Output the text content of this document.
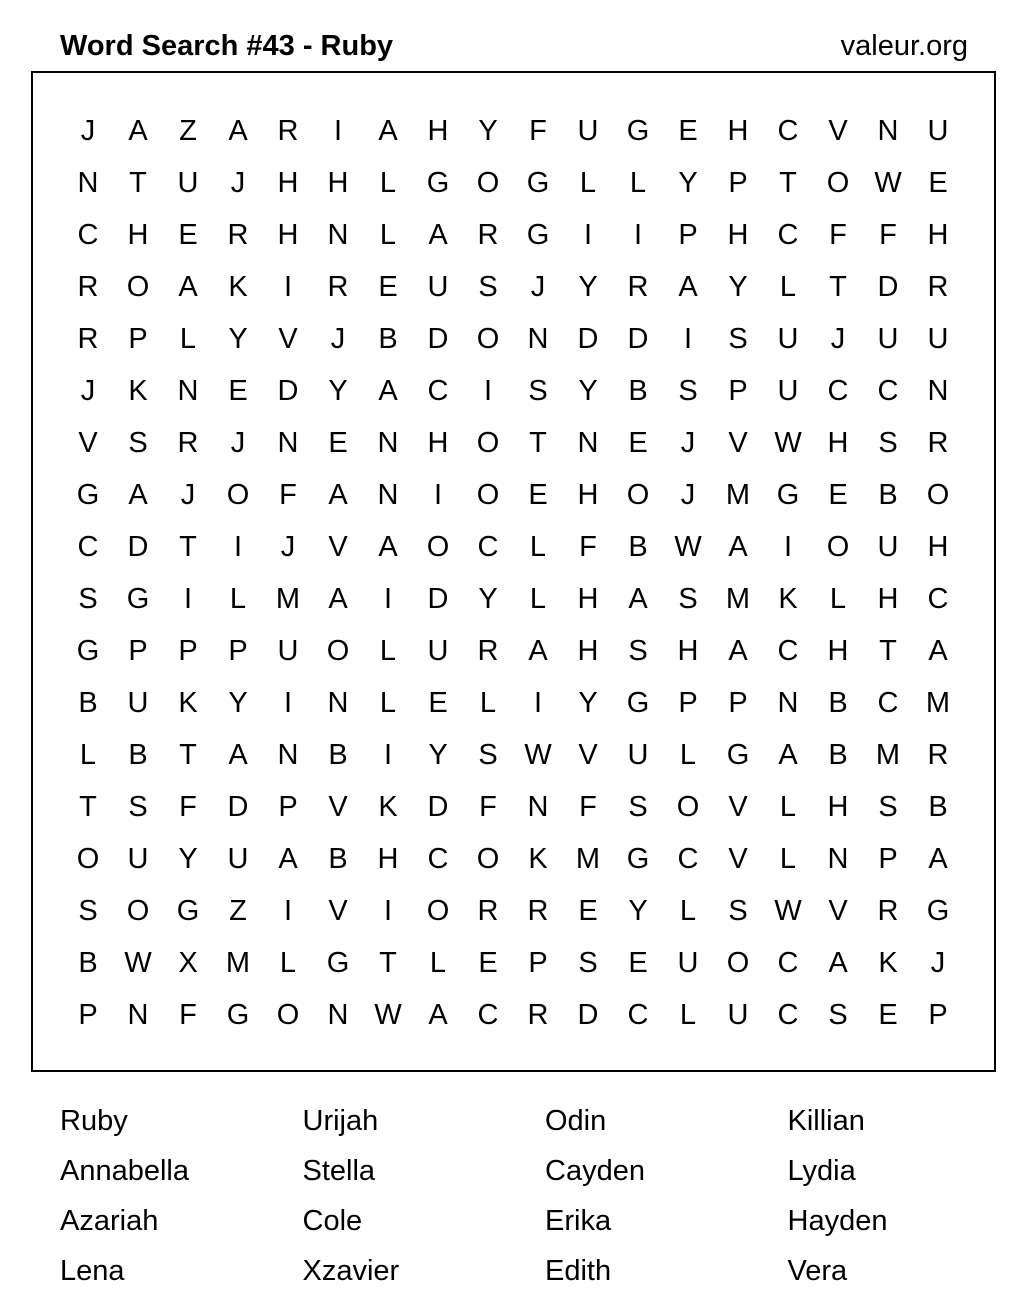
Word Search #43 - Ruby	valeur.org
J	A	Z	A	R	I	A	H	Y	F	U G	E	H	C	V	N	U
N	T	U	J	H	H	L	G O G	L	L	Y	P	T	O W E
C	H	E	R	H	N	L	A	R G	I	I	P	H	C	F	F	H
R O	A	K	I	R	E	U	S	J	Y	R	A	Y	L	T	D	R
R	P	L	Y	V	J	B	D O N	D	D	I	S	U	J	U	U
J	K	N	E	D	Y	A	C	I	S	Y	B	S	P	U	C	C	N
V	S	R	J	N	E	N	H O	T	N	E	J	V W H	S	R
G	A	J	O	F	A	N	I	O	E	H O	J	M G	E	B	O
C	D	T	I	J	V	A	O C	L	F	B W A	I	O U	H
S	G	I	L	M A	I	D	Y	L	H	A	S M K	L	H	C
G	P	P	P	U O	L	U	R	A	H	S	H	A	C	H	T	A
B	U	K	Y	I	N	L	E	L	I	Y	G	P	P	N	B	C M
L	B	T	A	N	B	I	Y	S W V	U	L	G	A	B M R
T	S	F	D	P	V	K	D	F	N	F	S	O	V	L	H	S	B
O U	Y	U	A	B	H	C O	K M G C	V	L	N	P	A
S	O G	Z	I	V	I	O R	R	E	Y	L	S W V	R G
B W X M	L	G	T	L	E	P	S	E	U O C	A	K	J
P	N	F	G O N W A	C	R	D	C	L	U	C	S	E	P
Ruby	Urijah	Odin	Killian
Annabella	Stella	Cayden	Lydia
Azariah	Cole	Erika	Hayden
Lena	Xzavier	Edith	Vera
